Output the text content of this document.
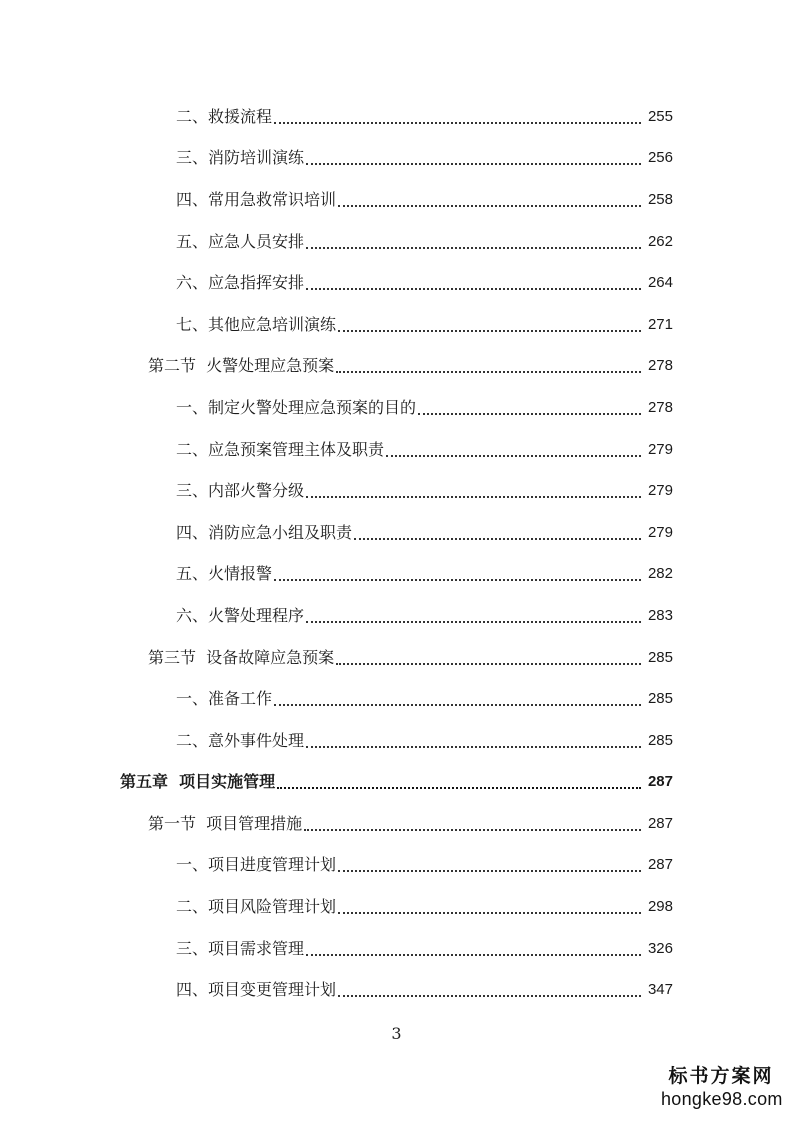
二、救援流程	255
三、消防培训演练	256
四、常用急救常识培训	258
五、应急人员安排	262
六、应急指挥安排	264
七、其他应急培训演练	271
第二节  火警处理应急预案	278
一、制定火警处理应急预案的目的	278
二、应急预案管理主体及职责	279
三、内部火警分级	279
四、消防应急小组及职责	279
五、火情报警	282
六、火警处理程序	283
第三节  设备故障应急预案	285
一、准备工作	285
二、意外事件处理	285
第五章  项目实施管理	287
第一节  项目管理措施	287
一、项目进度管理计划	287
二、项目风险管理计划	298
三、项目需求管理	326
四、项目变更管理计划	347
3
标书方案网
hongke98.com
